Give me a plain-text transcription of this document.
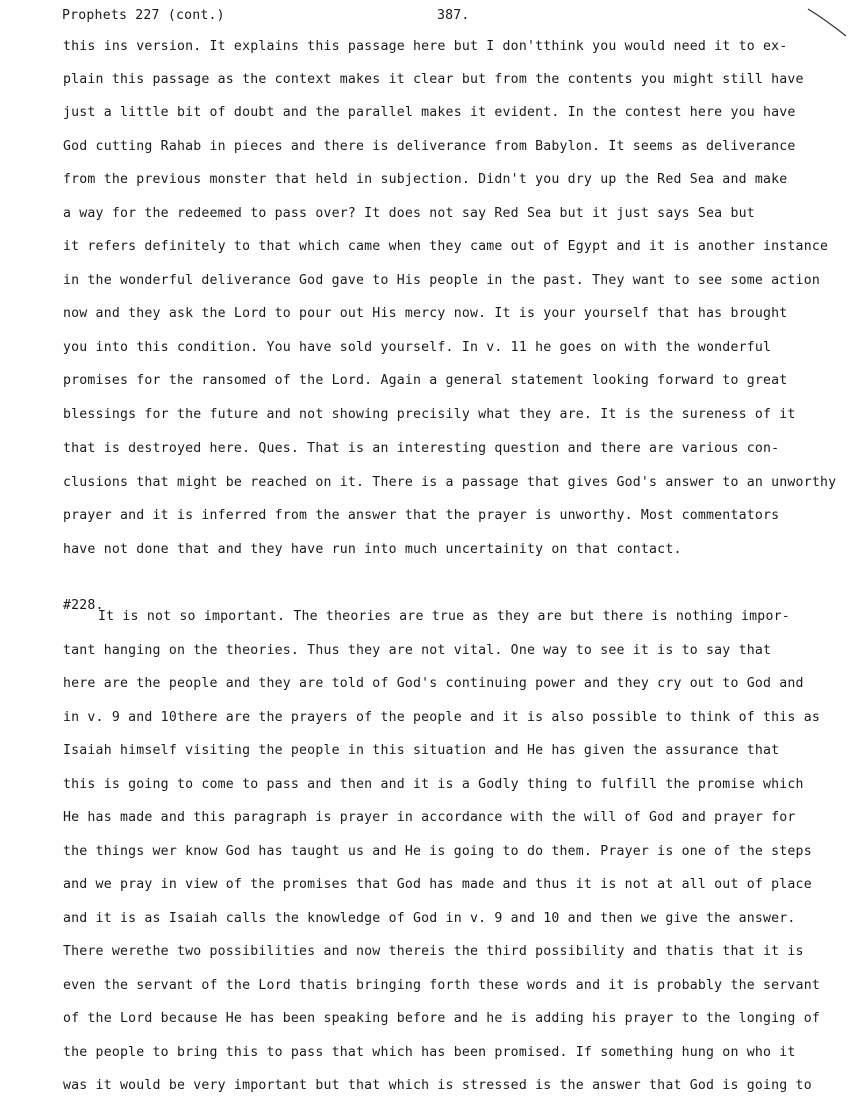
Prophets 227 (cont.)	387.
this ins version. It explains this passage here but I don'tthink you would need it to ex-
plain this passage as the context makes it clear but from the contents you might still have
just a little bit of doubt and the parallel makes it evident. In the contest here you have
God cutting Rahab in pieces and there is deliverance from Babylon. It seems as deliverance
from the previous monster that held in subjection. Didn't you dry up the Red Sea and make
a way for the redeemed to pass over? It does not say Red Sea but it just says Sea but
it refers definitely to that which came when they came out of Egypt and it is another instance
in the wonderful deliverance God gave to His people in the past. They want to see some action
now and they ask the Lord to pour out His mercy now. It is your yourself that has brought
you into this condition. You have sold yourself. In v. 11 he goes on with the wonderful
promises for the ransomed of the Lord. Again a general statement looking forward to great
blessings for the future and not showing precisily what they are. It is the sureness of it
that is destroyed here. Ques. That is an interesting question and there are various con-
clusions that might be reached on it. There is a passage that gives God's answer to an unworthy
prayer and it is inferred from the answer that the prayer is unworthy. Most commentators
have not done that and they have run into much uncertainity on that contact.
#228.
It is not so important. The theories are true as they are but there is nothing impor-
tant hanging on the theories. Thus they are not vital. One way to see it is to say that
here are the people and they are told of God's continuing power and they cry out to God and
in v. 9 and 10there are the prayers of the people and it is also possible to think of this as
Isaiah himself visiting the people in this situation and He has given the assurance that
this is going to come to pass and then and it is a Godly thing to fulfill the promise which
He has made and this paragraph is prayer in accordance with the will of God and prayer for
the things wer know God has taught us and He is going to do them. Prayer is one of the steps
and we pray in view of the promises that God has made and thus it is not at all out of place
and it is as Isaiah calls the knowledge of God in v. 9 and 10 and then we give the answer.
There werethe two possibilities and now thereis the third possibility and thatis that it is
even the servant of the Lord thatis bringing forth these words and it is probably the servant
of the Lord because He has been speaking before and he is adding his prayer to the longing of
the people to bring this to pass that which has been promised. If something hung on who it
was it would be very important but that which is stressed is the answer that God is going to
